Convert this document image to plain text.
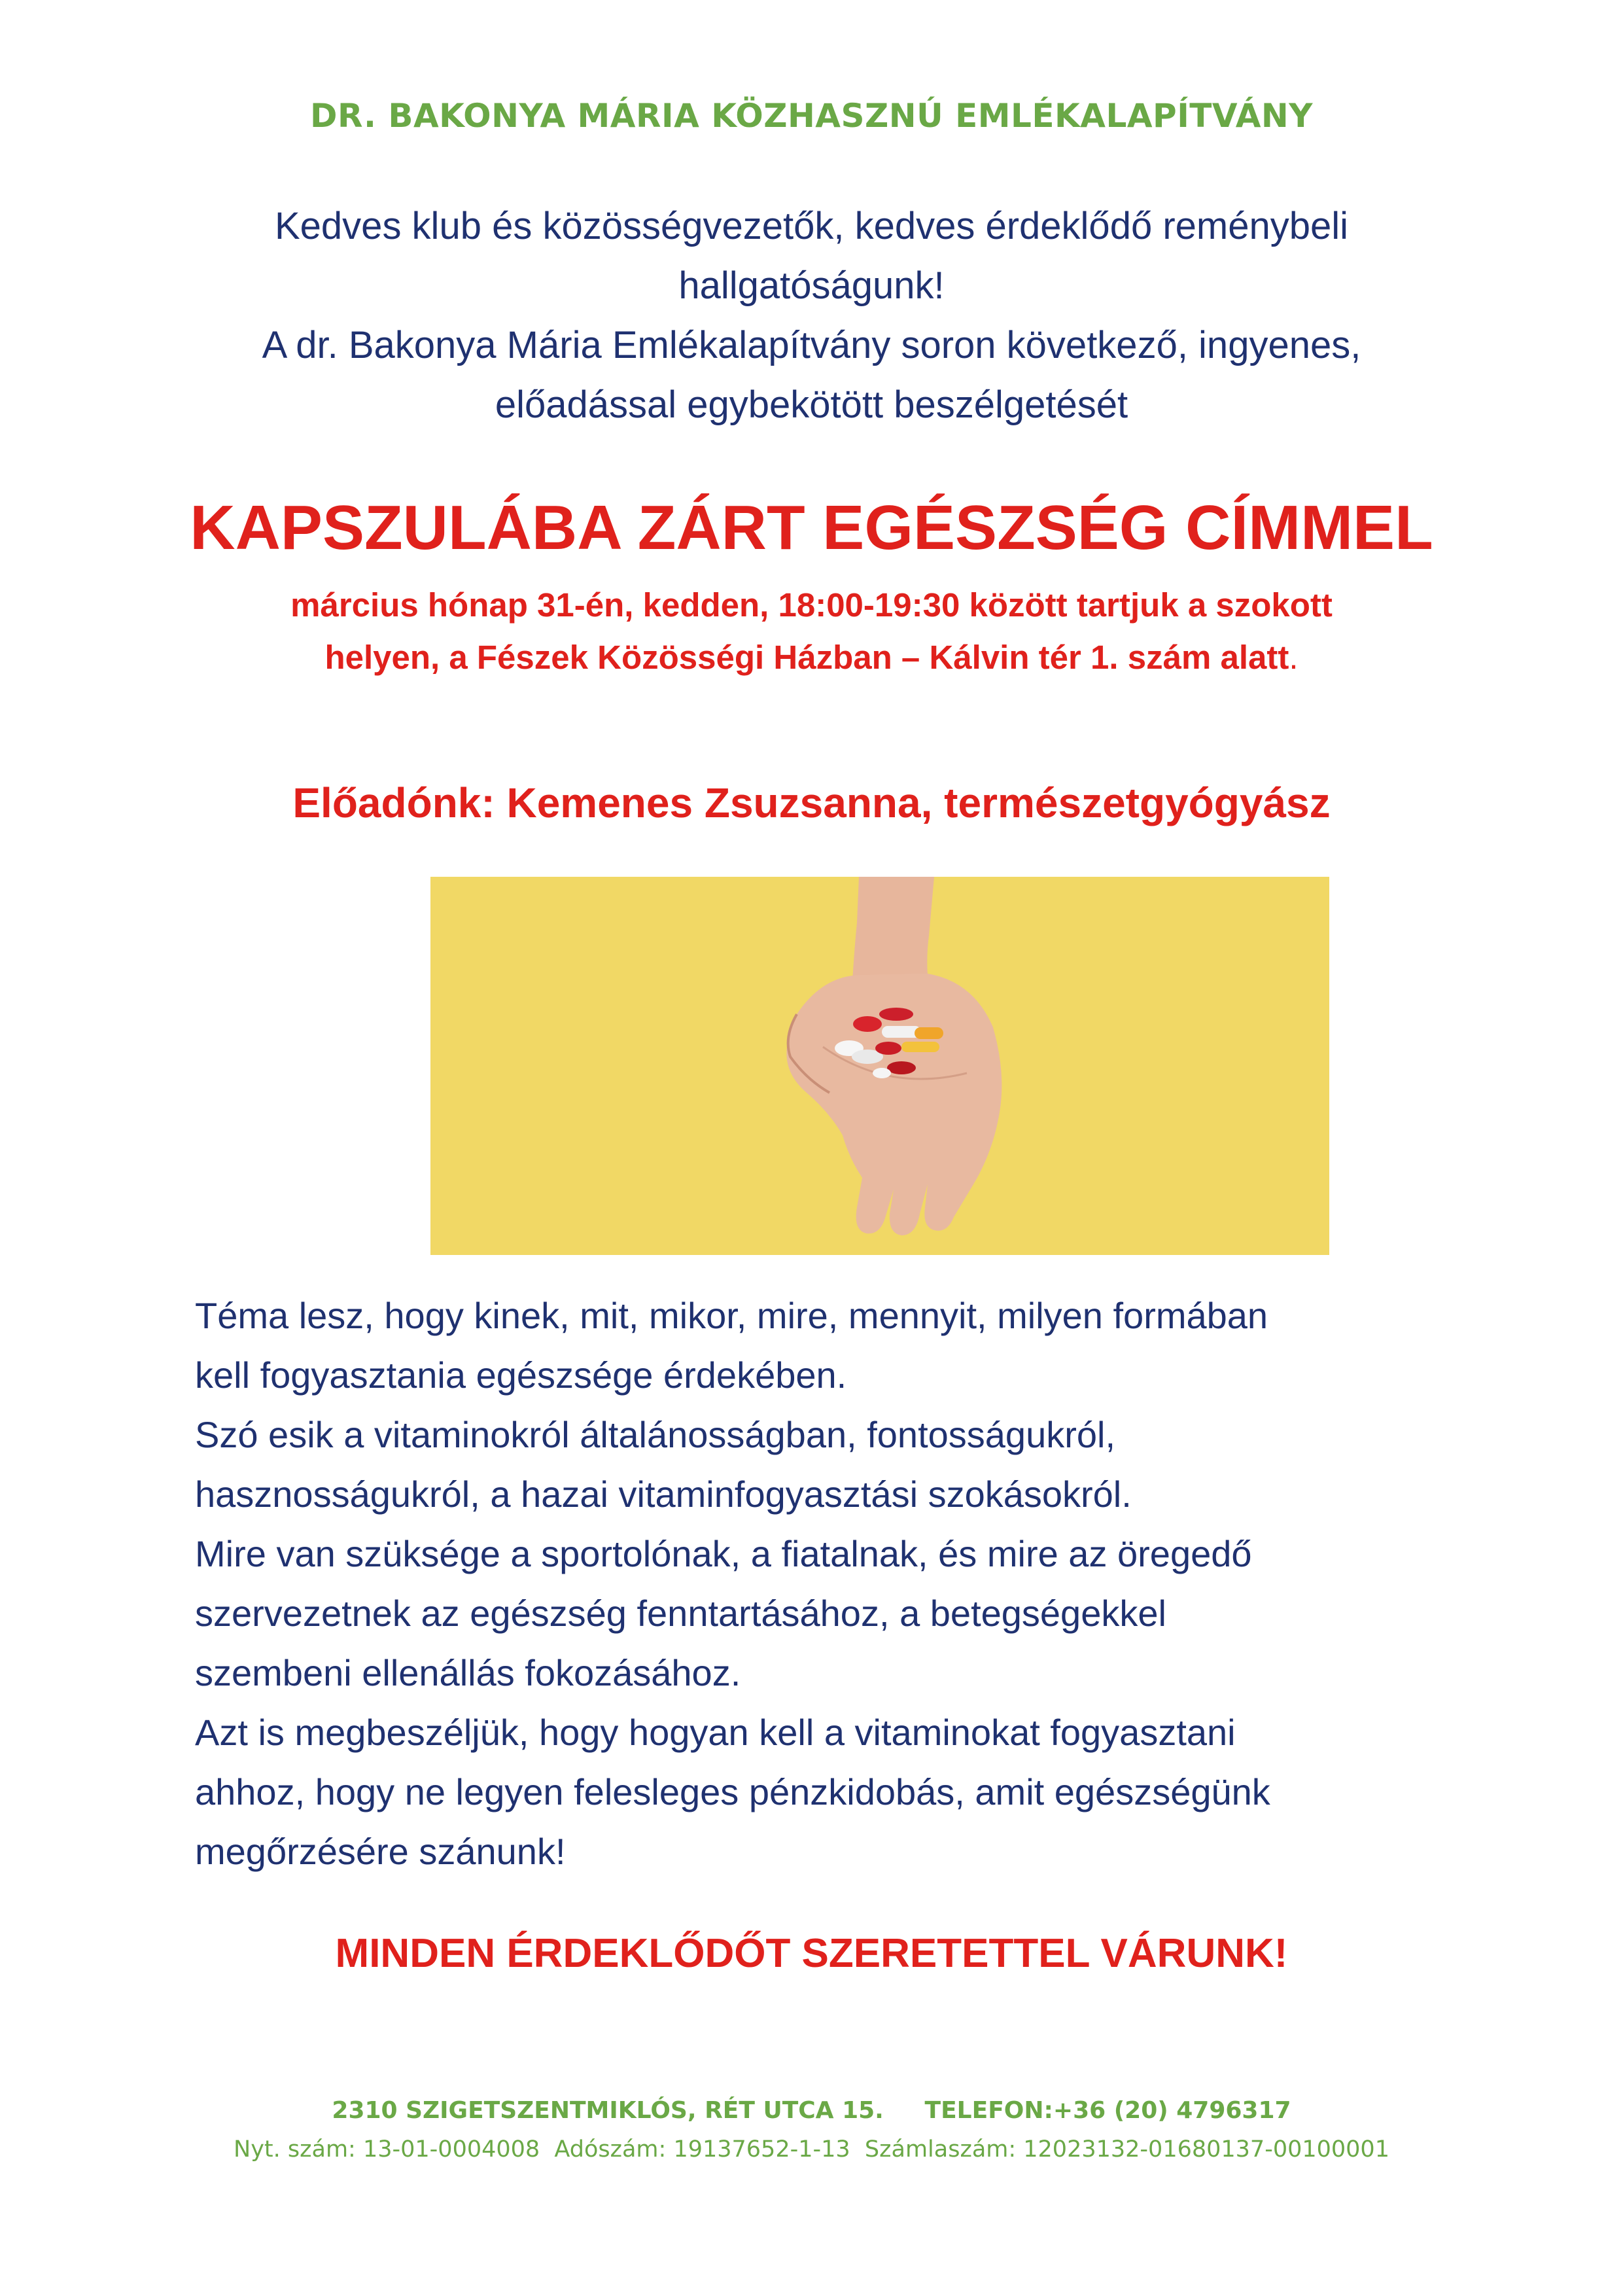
DR. BAKONYA MÁRIA KÖZHASZNÚ EMLÉKALAPÍTVÁNY

Kedves klub és közösségvezetők, kedves érdeklődő reménybeli

hallgatóságunk!

A dr. Bakonya Mária Emlékalapítvány soron következő, ingyenes,

előadással egybekötött beszélgetését

KAPSZULÁBA ZÁRT EGÉSZSÉG CÍMMEL

március hónap 31-én, kedden, 18:00-19:30 között tartjuk a szokott

helyen, a Fészek Közösségi Házban – Kálvin tér 1. szám alatt.

Előadónk: Kemenes Zsuzsanna, természetgyógyász

Téma lesz, hogy kinek, mit, mikor, mire, mennyit, milyen formában

kell fogyasztania egészsége érdekében.

Szó esik a vitaminokról általánosságban, fontosságukról,

hasznosságukról, a hazai vitaminfogyasztási szokásokról.

Mire van szüksége a sportolónak, a fiatalnak, és mire az öregedő

szervezetnek az egészség fenntartásához, a betegségekkel

szembeni ellenállás fokozásához.

Azt is megbeszéljük, hogy hogyan kell a vitaminokat fogyasztani

ahhoz, hogy ne legyen felesleges pénzkidobás, amit egészségünk

megőrzésére szánunk!

MINDEN ÉRDEKLŐDŐT SZERETETTEL VÁRUNK!
2310 SZIGETSZENTMIKLÓS, RÉT UTCA 15.     TELEFON:+36 (20) 4796317
Nyt. szám: 13-01-0004008  Adószám: 19137652-1-13  Számlaszám: 12023132-01680137-00100001
